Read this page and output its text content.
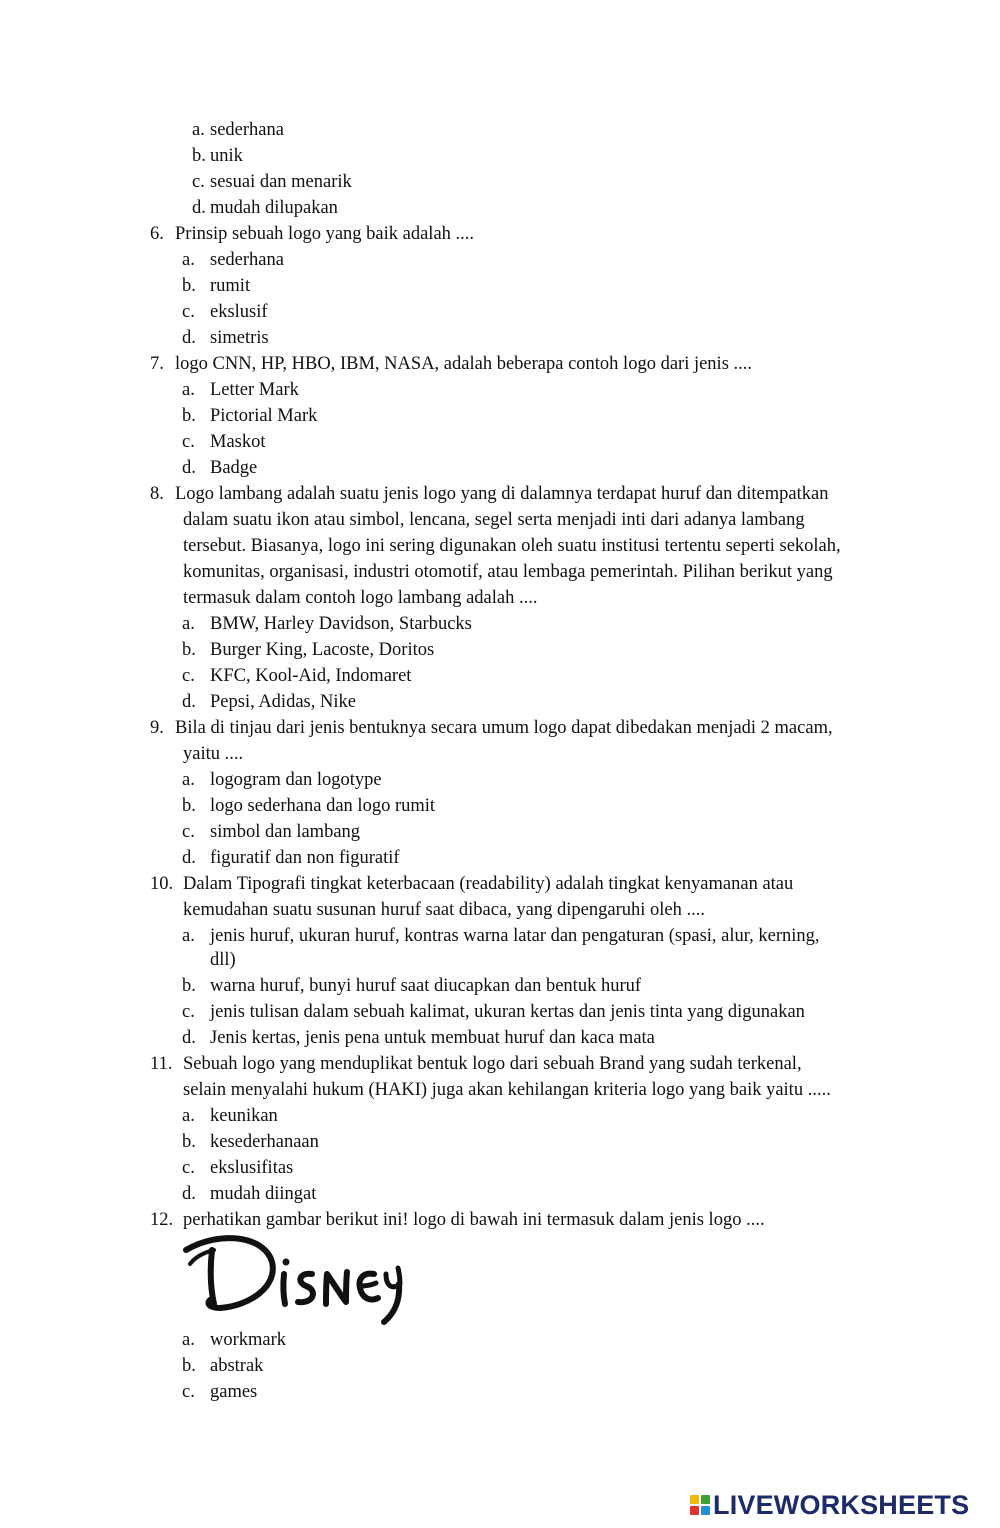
a. sederhana
b. unik
c. sesuai dan menarik
d. mudah dilupakan
6. Prinsip sebuah logo yang baik adalah ....
a. sederhana
b. rumit
c. ekslusif
d. simetris
7. logo CNN, HP, HBO, IBM, NASA, adalah beberapa contoh logo dari jenis ....
a. Letter Mark
b. Pictorial Mark
c. Maskot
d. Badge
8. Logo lambang adalah suatu jenis logo yang di dalamnya terdapat huruf dan ditempatkan
dalam suatu ikon atau simbol, lencana, segel serta menjadi inti dari adanya lambang
tersebut. Biasanya, logo ini sering digunakan oleh suatu institusi tertentu seperti sekolah,
komunitas, organisasi, industri otomotif, atau lembaga pemerintah. Pilihan berikut yang
termasuk dalam contoh logo lambang adalah ....
a. BMW, Harley Davidson, Starbucks
b. Burger King, Lacoste, Doritos
c. KFC, Kool-Aid, Indomaret
d. Pepsi, Adidas, Nike
9. Bila di tinjau dari jenis bentuknya secara umum logo dapat dibedakan menjadi 2 macam,
yaitu ....
a. logogram dan logotype
b. logo sederhana dan logo rumit
c. simbol dan lambang
d. figuratif dan non figuratif
10. Dalam Tipografi tingkat keterbacaan (readability) adalah tingkat kenyamanan atau
kemudahan suatu susunan huruf saat dibaca, yang dipengaruhi oleh ....
a. jenis huruf, ukuran huruf, kontras warna latar dan pengaturan (spasi, alur, kerning,
dll)
b. warna huruf, bunyi huruf saat diucapkan dan bentuk huruf
c. jenis tulisan dalam sebuah kalimat, ukuran kertas dan jenis tinta yang digunakan
d. Jenis kertas, jenis pena untuk membuat huruf dan kaca mata
11. Sebuah logo yang menduplikat bentuk logo dari sebuah Brand yang sudah terkenal,
selain menyalahi hukum (HAKI) juga akan kehilangan kriteria logo yang baik yaitu .....
a. keunikan
b. kesederhanaan
c. ekslusifitas
d. mudah diingat
12. perhatikan gambar berikut ini! logo di bawah ini termasuk dalam jenis logo ....
a. workmark
b. abstrak
c. games
LIVEWORKSHEETS
